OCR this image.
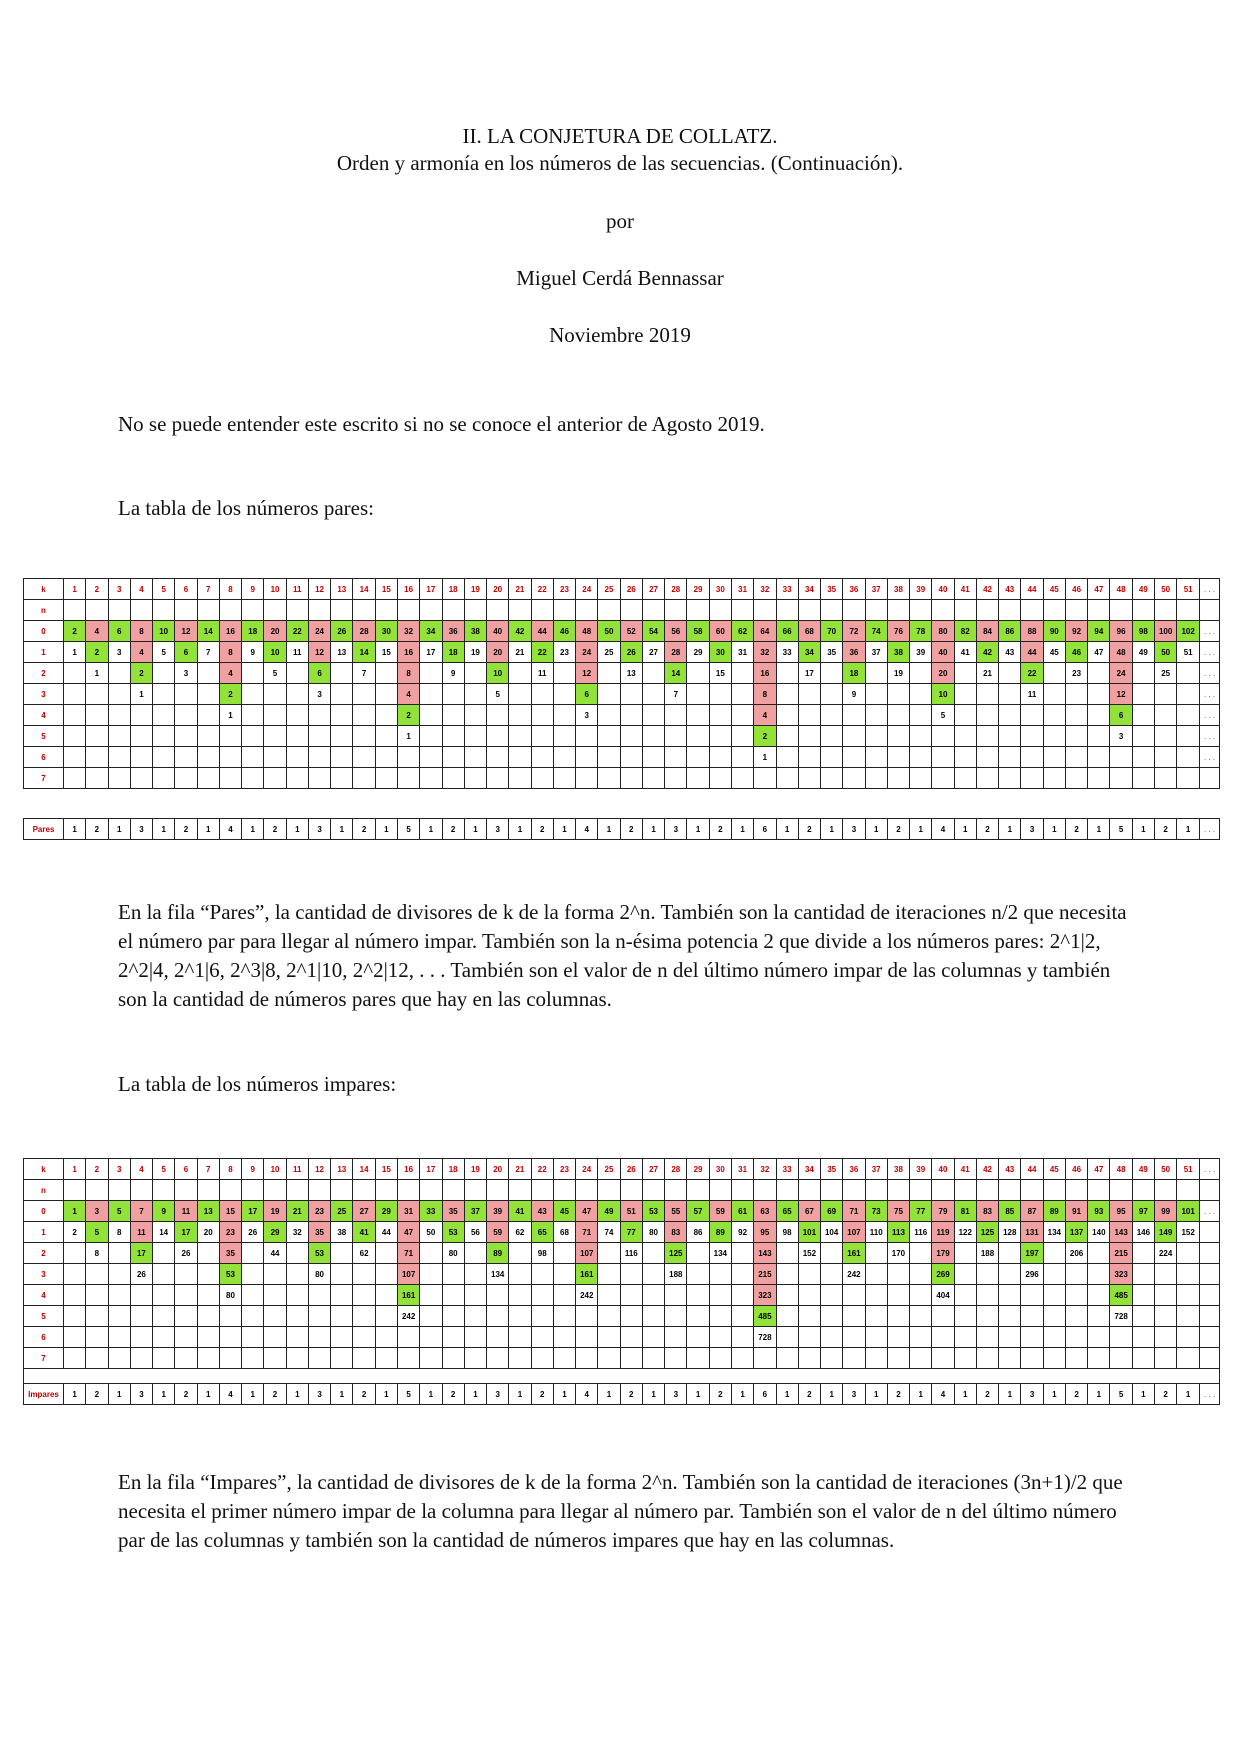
II. LA CONJETURA DE COLLATZ.
Orden y armonía en los números de las secuencias. (Continuación).
por
Miguel Cerdá Bennassar
Noviembre 2019

No se puede entender este escrito si no se conoce el anterior de Agosto 2019.

La tabla de los números pares:

k	1	2	3	4	5	6	7	8	9	10	11	12	13	14	15	16	17	18	19	20	21	22	23	24	25	26	27	28	29	30	31	32	33	34	35	36	37	38	39	40	41	42	43	44	45	46	47	48	49	50	51	. . .
n																																																				
0	2	4	6	8	10	12	14	16	18	20	22	24	26	28	30	32	34	36	38	40	42	44	46	48	50	52	54	56	58	60	62	64	66	68	70	72	74	76	78	80	82	84	86	88	90	92	94	96	98	100	102	. . .
1	1	2	3	4	5	6	7	8	9	10	11	12	13	14	15	16	17	18	19	20	21	22	23	24	25	26	27	28	29	30	31	32	33	34	35	36	37	38	39	40	41	42	43	44	45	46	47	48	49	50	51	. . .
2		1		2		3		4		5		6		7		8		9		10		11		12		13		14		15		16		17		18		19		20		21		22		23		24		25		. . .
3				1				2				3				4				5				6				7				8				9				10				11				12				. . .
4								1								2								3								4								5								6				. . .
5																1																2																3				. . .
6																																1																				. . .
7																																																				
Pares	1	2	1	3	1	2	1	4	1	2	1	3	1	2	1	5	1	2	1	3	1	2	1	4	1	2	1	3	1	2	1	6	1	2	1	3	1	2	1	4	1	2	1	3	1	2	1	5	1	2	1	. . .

En la fila “Pares”, la cantidad de divisores de k de la forma 2^n. También son la cantidad de iteraciones n/2 que necesita el número par para llegar al número impar. También son la n-ésima potencia 2 que divide a los números pares: 2^1|2, 2^2|4, 2^1|6, 2^3|8, 2^1|10, 2^2|12, . . . También son el valor de n del último número impar de las columnas y también son la cantidad de números pares que hay en las columnas.

La tabla de los números impares:

k	1	2	3	4	5	6	7	8	9	10	11	12	13	14	15	16	17	18	19	20	21	22	23	24	25	26	27	28	29	30	31	32	33	34	35	36	37	38	39	40	41	42	43	44	45	46	47	48	49	50	51	. . .
n																																																				
0	1	3	5	7	9	11	13	15	17	19	21	23	25	27	29	31	33	35	37	39	41	43	45	47	49	51	53	55	57	59	61	63	65	67	69	71	73	75	77	79	81	83	85	87	89	91	93	95	97	99	101	. . .
1	2	5	8	11	14	17	20	23	26	29	32	35	38	41	44	47	50	53	56	59	62	65	68	71	74	77	80	83	86	89	92	95	98	101	104	107	110	113	116	119	122	125	128	131	134	137	140	143	146	149	152	
2		8		17		26		35		44		53		62		71		80		89		98		107		116		125		134		143		152		161		170		179		188		197		206		215		224		
3				26				53				80				107				134				161				188				215				242				269				296				323				
4								80								161								242								323								404								485				
5																242																485																728				
6																																728																				
7																																																				

Impares	1	2	1	3	1	2	1	4	1	2	1	3	1	2	1	5	1	2	1	3	1	2	1	4	1	2	1	3	1	2	1	6	1	2	1	3	1	2	1	4	1	2	1	3	1	2	1	5	1	2	1	. . .

En la fila “Impares”, la cantidad de divisores de k de la forma 2^n. También son la cantidad de iteraciones (3n+1)/2 que necesita el primer número impar de la columna para llegar al número par. También son el valor de n del último número par de las columnas y también son la cantidad de números impares que hay en las columnas.
